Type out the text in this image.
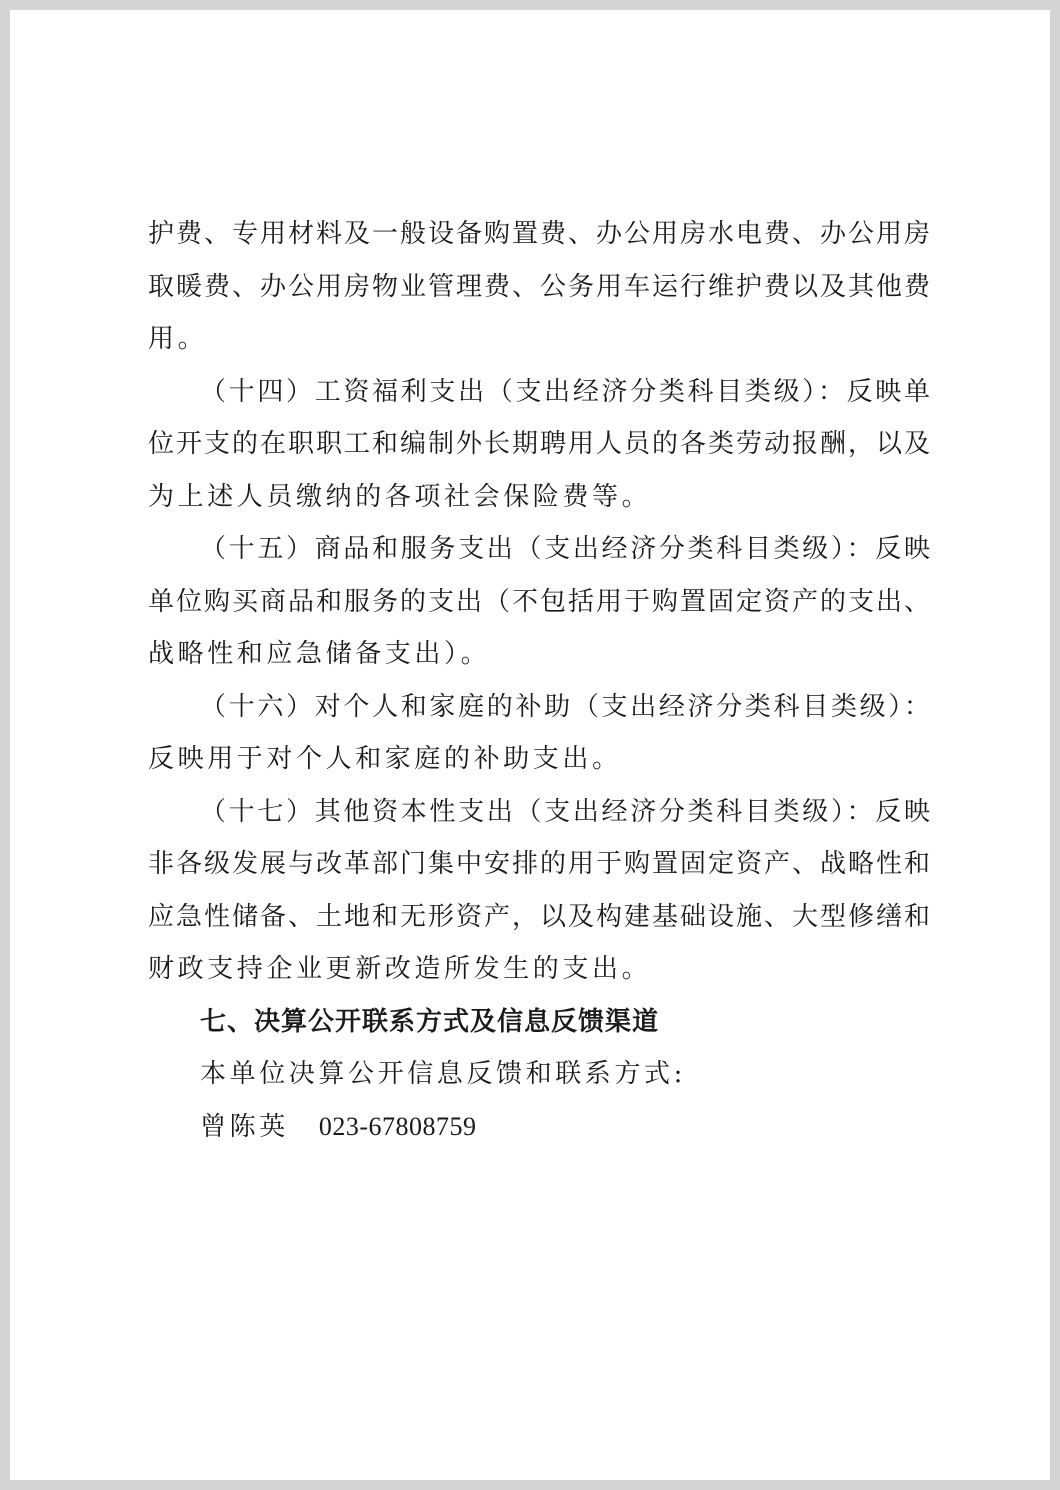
护费、专用材料及一般设备购置费、办公用房水电费、办公用房
取暖费、办公用房物业管理费、公务用车运行维护费以及其他费
用。
（十四）工资福利支出（支出经济分类科目类级）：反映单
位开支的在职职工和编制外长期聘用人员的各类劳动报酬，以及
为上述人员缴纳的各项社会保险费等。
（十五）商品和服务支出（支出经济分类科目类级）：反映
单位购买商品和服务的支出（不包括用于购置固定资产的支出、
战略性和应急储备支出）。
（十六）对个人和家庭的补助（支出经济分类科目类级）：
反映用于对个人和家庭的补助支出。
（十七）其他资本性支出（支出经济分类科目类级）：反映
非各级发展与改革部门集中安排的用于购置固定资产、战略性和
应急性储备、土地和无形资产，以及构建基础设施、大型修缮和
财政支持企业更新改造所发生的支出。
七、决算公开联系方式及信息反馈渠道
本单位决算公开信息反馈和联系方式:
曾陈英 023-67808759
